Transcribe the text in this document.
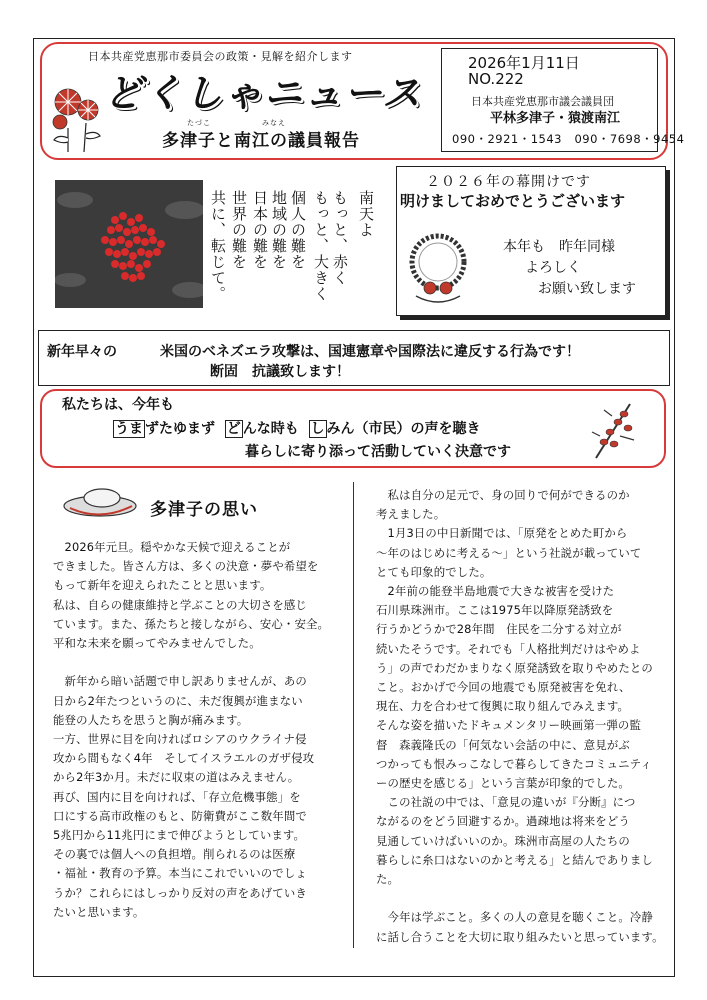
日本共産党恵那市委員会の政策・見解を紹介します
どくしゃニュース
たづこ	みなえ
多津子と南江の議員報告
2026年1月11日
NO.222
日本共産党恵那市議会議員団
平林多津子・猿渡南江
090・2921・1543 090・7698・9454
南天よ
もっと、赤く
もっと、大きく
個人の難を
地域の難を
日本の難を
世界の難を
共に、転じて。
２０２６年の幕開けです
明けましておめでとうございます
本年も　昨年同様
よろしく
お願い致します
新年早々の	米国のベネズエラ攻撃は、国連憲章や国際法に違反する行為です！
断固　抗議致します！
私たちは、今年も
うま ずたゆまず ど んな時も し みん（市民）の声を聴き
暮らしに寄り添って活動していく決意です
多津子の思い

　2026年元旦。穏やかな天候で迎えることが

できました。皆さん方は、多くの決意・夢や希望を

もって新年を迎えられたことと思います。

私は、自らの健康維持と学ぶことの大切さを感じ

ています。また、孫たちと接しながら、安心・安全。

平和な未来を願ってやみませんでした。

　新年から暗い話題で申し訳ありませんが、あの

日から2年たつというのに、未だ復興が進まない

能登の人たちを思うと胸が痛みます。

一方、世界に目を向ければロシアのウクライナ侵

攻から間もなく4年　そしてイスラエルのガザ侵攻

から2年3か月。未だに収束の道はみえません。

再び、国内に目を向ければ、「存立危機事態」を

口にする高市政権のもと、防衛費がここ数年間で

5兆円から11兆円にまで伸びようとしています。

その裏では個人への負担増。削られるのは医療

・福祉・教育の予算。本当にこれでいいのでしょ

うか？これらにはしっかり反対の声をあげていき

たいと思います。

　私は自分の足元で、身の回りで何ができるのか

考えました。

　1月3日の中日新聞では、「原発をとめた町から

～年のはじめに考える～」という社説が載っていて

とても印象的でした。

　2年前の能登半島地震で大きな被害を受けた

石川県珠洲市。ここは1975年以降原発誘致を

行うかどうかで28年間　住民を二分する対立が

続いたそうです。それでも「人格批判だけはやめよ

う」の声でわだかまりなく原発誘致を取りやめたとの

こと。おかげで今回の地震でも原発被害を免れ、

現在、力を合わせて復興に取り組んでみえます。

そんな姿を描いたドキュメンタリー映画第一弾の監

督　森義隆氏の「何気ない会話の中に、意見がぶ

つかっても恨みっこなしで暮らしてきたコミュニティ

ーの歴史を感じる」という言葉が印象的でした。

　この社説の中では、「意見の違いが『分断』につ

ながるのをどう回避するか。過疎地は将来をどう

見通していけばいいのか。珠洲市高屋の人たちの

暮らしに糸口はないのかと考える」と結んでありまし

た。

　今年は学ぶこと。多くの人の意見を聴くこと。冷静

に話し合うことを大切に取り組みたいと思っています。
